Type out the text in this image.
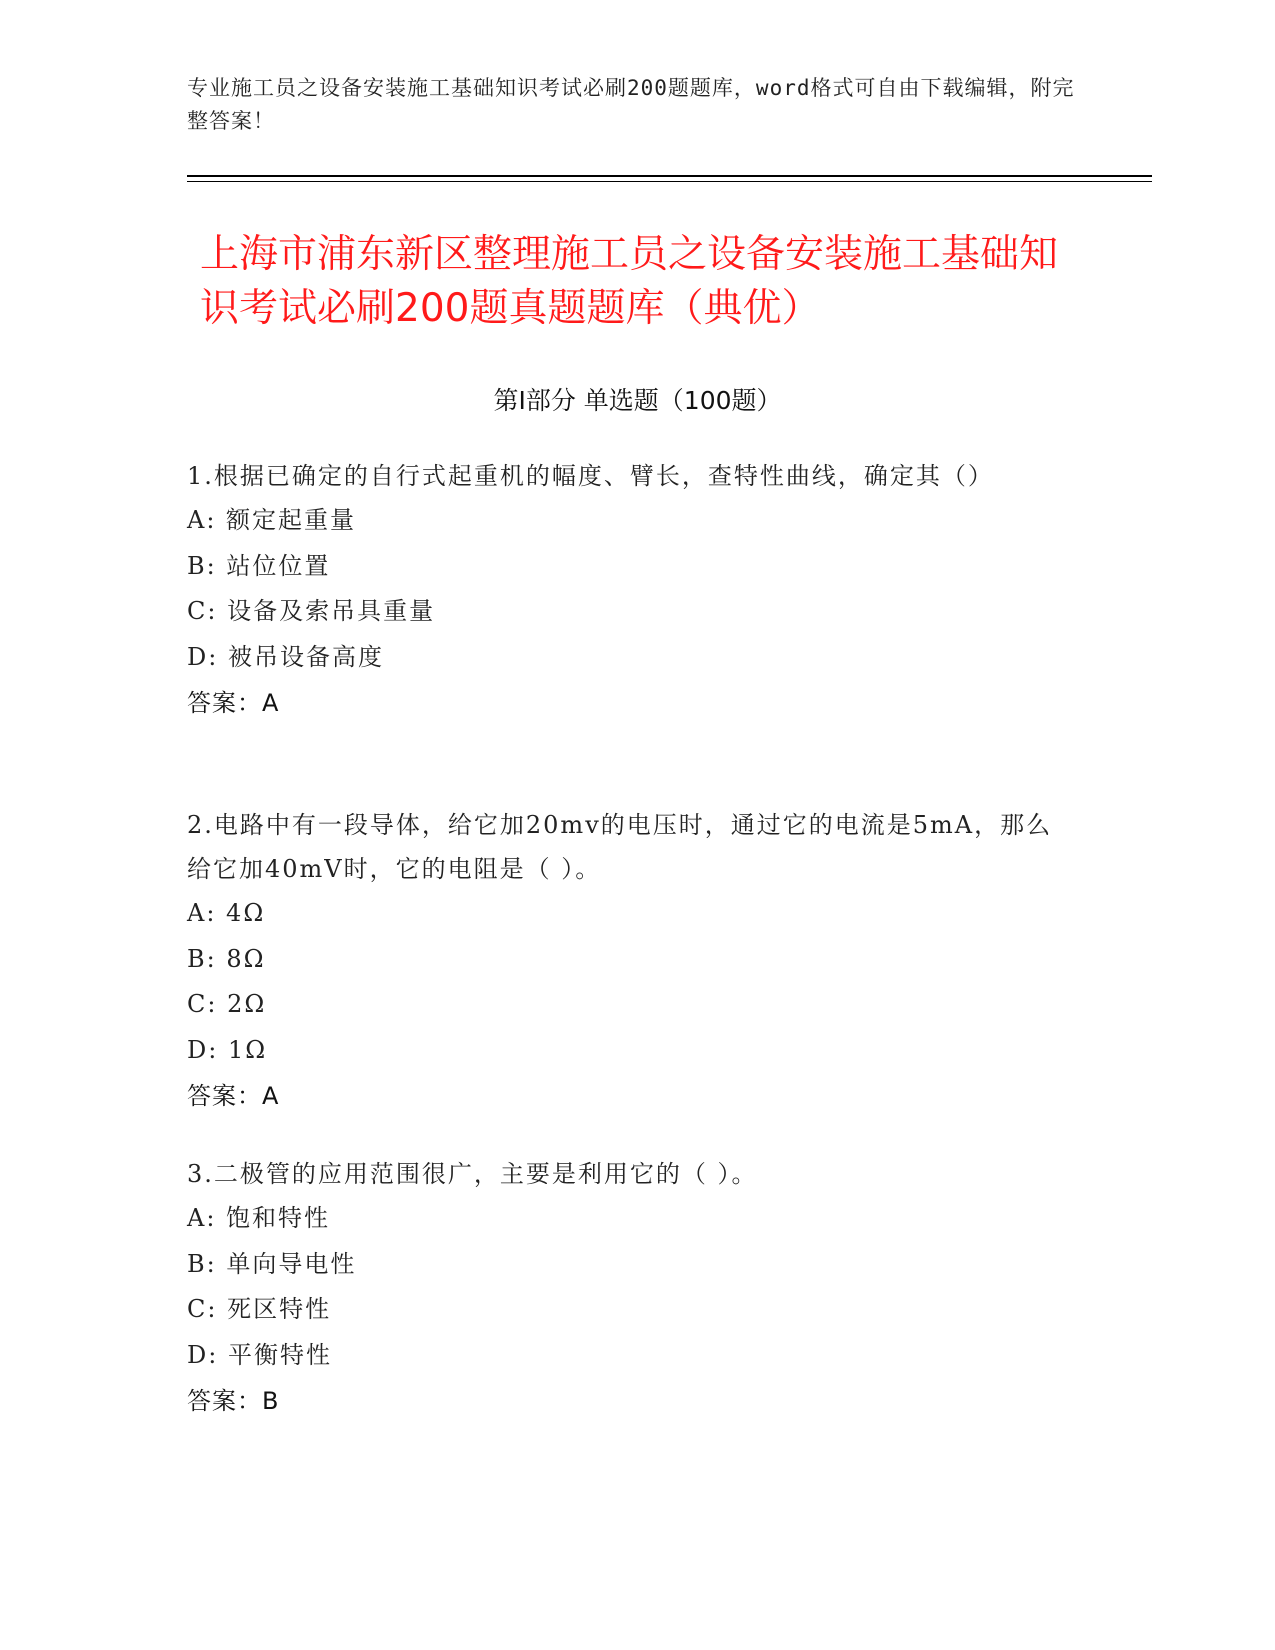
专业施工员之设备安装施工基础知识考试必刷200题题库，word格式可自由下载编辑，附完整答案！
上海市浦东新区整理施工员之设备安装施工基础知识考试必刷200题真题题库（典优）
第Ⅰ部分 单选题（100题）
1.根据已确定的自行式起重机的幅度、臂长，查特性曲线，确定其（）
A: 额定起重量
B: 站位位置
C: 设备及索吊具重量
D: 被吊设备高度
答案：A
2.电路中有一段导体，给它加20mv的电压时，通过它的电流是5mA，那么给它加40mV时，它的电阻是（ ）。
A: 4Ω
B: 8Ω
C: 2Ω
D: 1Ω
答案：A
3.二极管的应用范围很广，主要是利用它的（ ）。
A: 饱和特性
B: 单向导电性
C: 死区特性
D: 平衡特性
答案：B
